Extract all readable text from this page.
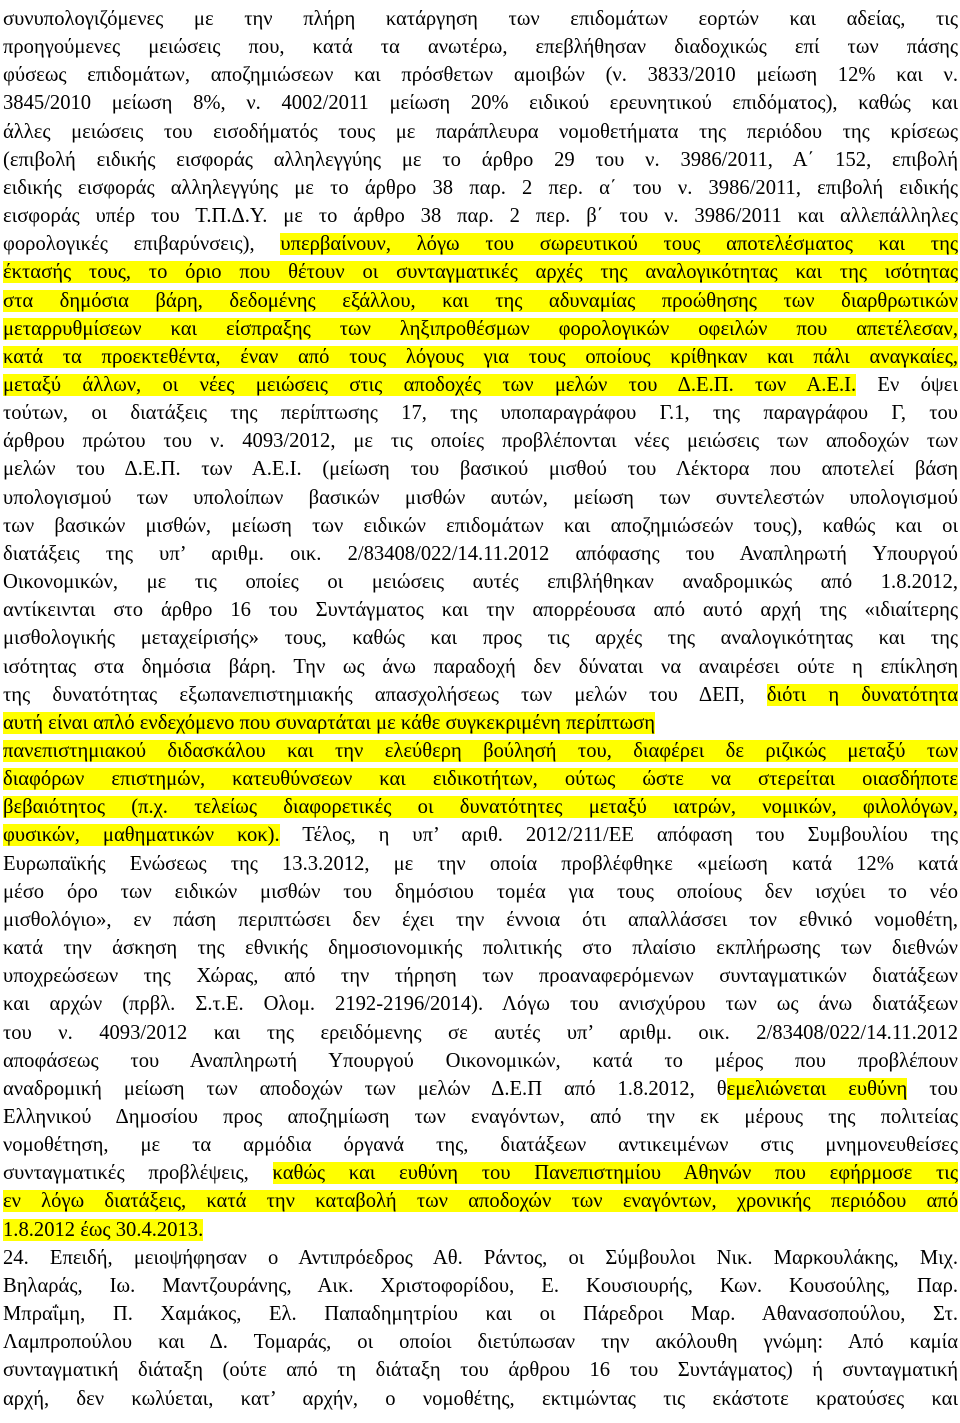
συνυπολογιζόμενες με την πλήρη κατάργηση των επιδομάτων εορτών και αδείας, τις
προηγούμενες μειώσεις που, κατά τα ανωτέρω, επεβλήθησαν διαδοχικώς επί των πάσης
φύσεως επιδομάτων, αποζημιώσεων και πρόσθετων αμοιβών (ν. 3833/2010 μείωση 12% και ν.
3845/2010 μείωση 8%, ν. 4002/2011 μείωση 20% ειδικού ερευνητικού επιδόματος), καθώς και
άλλες μειώσεις του εισοδήματός τους με παράπλευρα νομοθετήματα της περιόδου της κρίσεως
(επιβολή ειδικής εισφοράς αλληλεγγύης με το άρθρο 29 του ν. 3986/2011, Α΄ 152, επιβολή
ειδικής εισφοράς αλληλεγγύης με το άρθρο 38 παρ. 2 περ. α΄ του ν. 3986/2011, επιβολή ειδικής
εισφοράς υπέρ του Τ.Π.Δ.Υ. με το άρθρο 38 παρ. 2 περ. β΄ του ν. 3986/2011 και αλλεπάλληλες
φορολογικές επιβαρύνσεις), υπερβαίνουν, λόγω του σωρευτικού τους αποτελέσματος και της
έκτασής τους, το όριο που θέτουν οι συνταγματικές αρχές της αναλογικότητας και της ισότητας
στα δημόσια βάρη, δεδομένης εξάλλου, και της αδυναμίας προώθησης των διαρθρωτικών
μεταρρυθμίσεων και είσπραξης των ληξιπροθέσμων φορολογικών οφειλών που απετέλεσαν,
κατά τα προεκτεθέντα, έναν από τους λόγους για τους οποίους κρίθηκαν και πάλι αναγκαίες,
μεταξύ άλλων, οι νέες μειώσεις στις αποδοχές των μελών του Δ.Ε.Π. των Α.Ε.Ι. Εν όψει
τούτων, οι διατάξεις της περίπτωσης 17, της υποπαραγράφου Γ.1, της παραγράφου Γ, του
άρθρου πρώτου του ν. 4093/2012, με τις οποίες προβλέπονται νέες μειώσεις των αποδοχών των
μελών του Δ.Ε.Π. των Α.Ε.Ι. (μείωση του βασικού μισθού του Λέκτορα που αποτελεί βάση
υπολογισμού των υπολοίπων βασικών μισθών αυτών, μείωση των συντελεστών υπολογισμού
των βασικών μισθών, μείωση των ειδικών επιδομάτων και αποζημιώσεών τους), καθώς και οι
διατάξεις της υπ’ αριθμ. οικ. 2/83408/022/14.11.2012 απόφασης του Αναπληρωτή Υπουργού
Οικονομικών, με τις οποίες οι μειώσεις αυτές επιβλήθηκαν αναδρομικώς από 1.8.2012,
αντίκεινται στο άρθρο 16 του Συντάγματος και την απορρέουσα από αυτό αρχή της «ιδιαίτερης
μισθολογικής μεταχείρισής» τους, καθώς και προς τις αρχές της αναλογικότητας και της
ισότητας στα δημόσια βάρη. Την ως άνω παραδοχή δεν δύναται να αναιρέσει ούτε η επίκληση
της δυνατότητας εξωπανεπιστημιακής απασχολήσεως των μελών του ΔΕΠ, διότι η δυνατότητα
αυτή είναι απλό ενδεχόμενο που συναρτάται με κάθε συγκεκριμένη περίπτωση
πανεπιστημιακού διδασκάλου και την ελεύθερη βούλησή του, διαφέρει δε ριζικώς μεταξύ των
διαφόρων επιστημών, κατευθύνσεων και ειδικοτήτων, ούτως ώστε να στερείται οιασδήποτε
βεβαιότητος (π.χ. τελείως διαφορετικές οι δυνατότητες μεταξύ ιατρών, νομικών, φιλολόγων,
φυσικών, μαθηματικών κοκ). Τέλος, η υπ’ αριθ. 2012/211/ΕΕ απόφαση του Συμβουλίου της
Ευρωπαϊκής Ενώσεως της 13.3.2012, με την οποία προβλέφθηκε «μείωση κατά 12% κατά
μέσο όρο των ειδικών μισθών του δημόσιου τομέα για τους οποίους δεν ισχύει το νέο
μισθολόγιο», εν πάση περιπτώσει δεν έχει την έννοια ότι απαλλάσσει τον εθνικό νομοθέτη,
κατά την άσκηση της εθνικής δημοσιονομικής πολιτικής στο πλαίσιο εκπλήρωσης των διεθνών
υποχρεώσεων της Χώρας, από την τήρηση των προαναφερόμενων συνταγματικών διατάξεων
και αρχών (πρβλ. Σ.τ.Ε. Ολομ. 2192-2196/2014). Λόγω του ανισχύρου των ως άνω διατάξεων
του ν. 4093/2012 και της ερειδόμενης σε αυτές υπ’ αριθμ. οικ. 2/83408/022/14.11.2012
αποφάσεως του Αναπληρωτή Υπουργού Οικονομικών, κατά το μέρος που προβλέπουν
αναδρομική μείωση των αποδοχών των μελών Δ.Ε.Π από 1.8.2012, θεμελιώνεται ευθύνη του
Ελληνικού Δημοσίου προς αποζημίωση των εναγόντων, από την εκ μέρους της πολιτείας
νομοθέτηση, με τα αρμόδια όργανά της, διατάξεων αντικειμένων στις μνημονευθείσες
συνταγματικές προβλέψεις, καθώς και ευθύνη του Πανεπιστημίου Αθηνών που εφήρμοσε τις
εν λόγω διατάξεις, κατά την καταβολή των αποδοχών των εναγόντων, χρονικής περιόδου από
1.8.2012 έως 30.4.2013.
24. Επειδή, μειοψήφησαν ο Αντιπρόεδρος Αθ. Ράντος, οι Σύμβουλοι Νικ. Μαρκουλάκης, Μιχ.
Βηλαράς, Ιω. Μαντζουράνης, Αικ. Χριστοφορίδου, Ε. Κουσιουρής, Κων. Κουσούλης, Παρ.
Μπραΐμη, Π. Χαμάκος, Ελ. Παπαδημητρίου και οι Πάρεδροι Μαρ. Αθανασοπούλου, Στ.
Λαμπροπούλου και Δ. Τομαράς, οι οποίοι διετύπωσαν την ακόλουθη γνώμη: Από καμία
συνταγματική διάταξη (ούτε από τη διάταξη του άρθρου 16 του Συντάγματος) ή συνταγματική
αρχή, δεν κωλύεται, κατ’ αρχήν, ο νομοθέτης, εκτιμώντας τις εκάστοτε κρατούσες και
